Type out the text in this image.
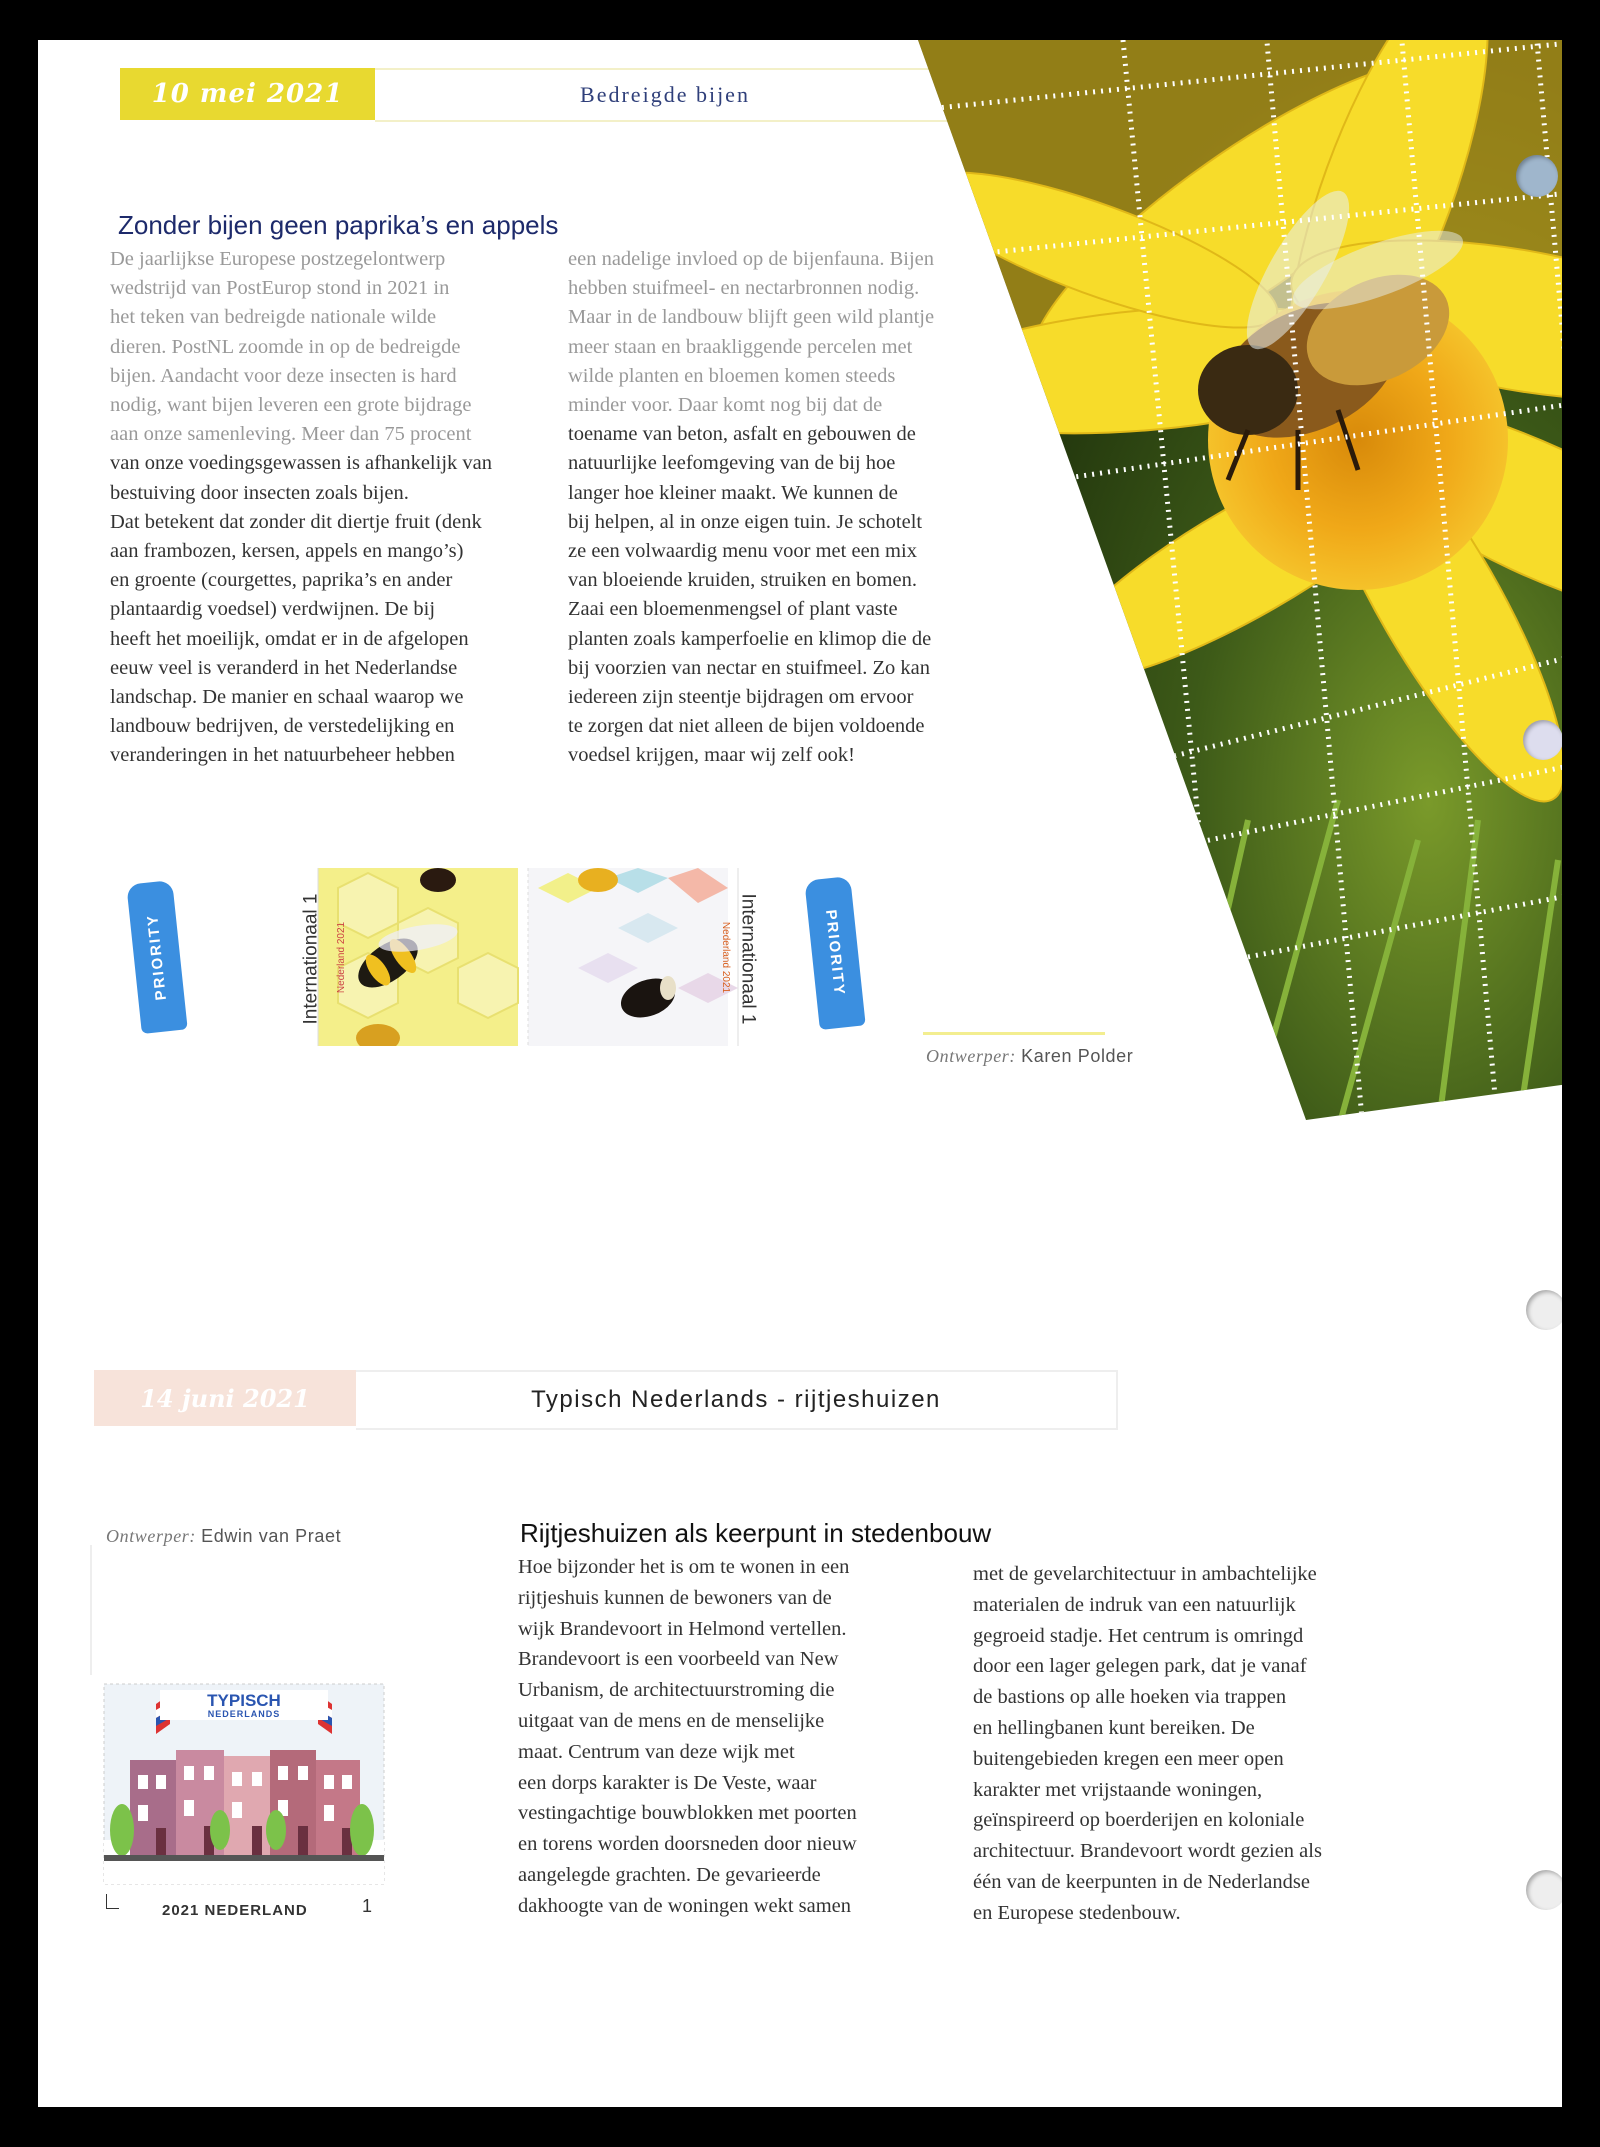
10 mei 2021	Bedreigde bijen
Zonder bijen geen paprika’s en appels

De jaarlijkse Europese postzegelontwerp

wedstrijd van PostEurop stond in 2021 in

het teken van bedreigde nationale wilde

dieren. PostNL zoomde in op de bedreigde

bijen. Aandacht voor deze insecten is hard

nodig, want bijen leveren een grote bijdrage

aan onze samenleving. Meer dan 75 procent

van onze voedingsgewassen is afhankelijk van

bestuiving door insecten zoals bijen.

Dat betekent dat zonder dit diertje fruit (denk

aan frambozen, kersen, appels en mango’s)

en groente (courgettes, paprika’s en ander

plantaardig voedsel) verdwijnen. De bij

heeft het moeilijk, omdat er in de afgelopen

eeuw veel is veranderd in het Nederlandse

landschap. De manier en schaal waarop we

landbouw bedrijven, de verstedelijking en

veranderingen in het natuurbeheer hebben

een nadelige invloed op de bijenfauna. Bijen

hebben stuifmeel- en nectarbronnen nodig.

Maar in de landbouw blijft geen wild plantje

meer staan en braakliggende percelen met

wilde planten en bloemen komen steeds

minder voor. Daar komt nog bij dat de

toename van beton, asfalt en gebouwen de

natuurlijke leefomgeving van de bij hoe

langer hoe kleiner maakt. We kunnen de

bij helpen, al in onze eigen tuin. Je schotelt

ze een volwaardig menu voor met een mix

van bloeiende kruiden, struiken en bomen.

Zaai een bloemenmengsel of plant vaste

planten zoals kamperfoelie en klimop die de

bij voorzien van nectar en stuifmeel. Zo kan

iedereen zijn steentje bijdragen om ervoor

te zorgen dat niet alleen de bijen voldoende

voedsel krijgen, maar wij zelf ook!

PRIORITY	PRIORITY
Internationaal 1 Nederland 2021	Internationaal 1
Nederland 2021
Ontwerper: Karen Polder
14 juni 2021	Typisch Nederlands - rijtjeshuizen
Ontwerper: Edwin van Praet
TYPISCH
NEDERLANDS
2021 NEDERLAND	1
Rijtjeshuizen als keerpunt in stedenbouw

Hoe bijzonder het is om te wonen in een

rijtjeshuis kunnen de bewoners van de

wijk Brandevoort in Helmond vertellen.

Brandevoort is een voorbeeld van New

Urbanism, de architectuurstroming die

uitgaat van de mens en de menselijke

maat. Centrum van deze wijk met

een dorps karakter is De Veste, waar

vestingachtige bouwblokken met poorten

en torens worden doorsneden door nieuw

aangelegde grachten. De gevarieerde

dakhoogte van de woningen wekt samen

met de gevelarchitectuur in ambachtelijke

materialen de indruk van een natuurlijk

gegroeid stadje. Het centrum is omringd

door een lager gelegen park, dat je vanaf

de bastions op alle hoeken via trappen

en hellingbanen kunt bereiken. De

buitengebieden kregen een meer open

karakter met vrijstaande woningen,

geïnspireerd op boerderijen en koloniale

architectuur. Brandevoort wordt gezien als

één van de keerpunten in de Nederlandse

en Europese stedenbouw.
